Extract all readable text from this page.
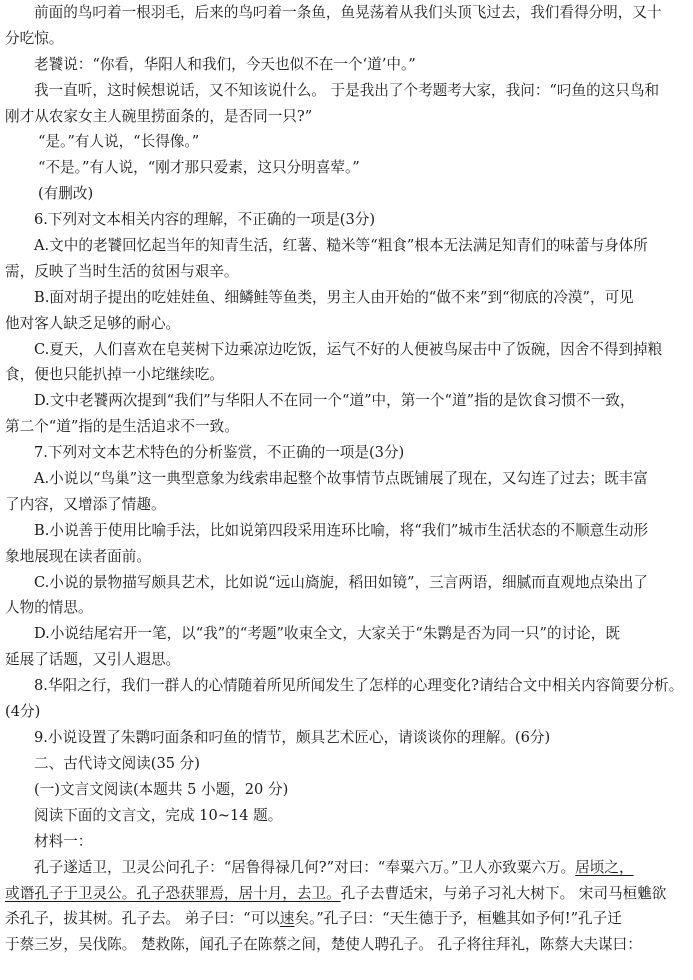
前面的鸟叼着一根羽毛，后来的鸟叼着一条鱼，鱼晃荡着从我们头顶飞过去，我们看得分明，又十
分吃惊。
老饕说：“你看，华阳人和我们，今天也似不在一个‘道’中。”
我一直听，这时候想说话，又不知该说什么。 于是我出了个考题考大家，我问：“叼鱼的这只鸟和
刚才从农家女主人碗里捞面条的，是否同一只?”
“是。”有人说，“长得像。”
“不是。”有人说，“刚才那只爱素，这只分明喜荤。”
(有删改)
6.下列对文本相关内容的理解，不正确的一项是(3分)
A.文中的老饕回忆起当年的知青生活，红薯、糙米等“粗食”根本无法满足知青们的味蕾与身体所
需，反映了当时生活的贫困与艰辛。
B.面对胡子提出的吃娃娃鱼、细鳞鲑等鱼类，男主人由开始的“做不来”到“彻底的冷漠”，可见
他对客人缺乏足够的耐心。
C.夏天，人们喜欢在皂荚树下边乘凉边吃饭，运气不好的人便被鸟屎击中了饭碗，因舍不得到掉粮
食，便也只能扒掉一小坨继续吃。
D.文中老饕两次提到“我们”与华阳人不在同一个“道”中，第一个“道”指的是饮食习惯不一致，
第二个“道”指的是生活追求不一致。
7.下列对文本艺术特色的分析鉴赏，不正确的一项是(3分)
A.小说以“鸟巢”这一典型意象为线索串起整个故事情节点既铺展了现在，又勾连了过去；既丰富
了内容，又增添了情趣。
B.小说善于使用比喻手法，比如说第四段采用连环比喻，将“我们”城市生活状态的不顺意生动形
象地展现在读者面前。
C.小说的景物描写颇具艺术，比如说“远山旖旎，稻田如镜”，三言两语，细腻而直观地点染出了
人物的情思。
D.小说结尾宕开一笔，以“我”的“考题”收束全文，大家关于“朱鹮是否为同一只”的讨论，既
延展了话题，又引人遐思。
8.华阳之行，我们一群人的心情随着所见所闻发生了怎样的心理变化?请结合文中相关内容简要分析。
(4分)
9.小说设置了朱鹮叼面条和叼鱼的情节，颇具艺术匠心，请谈谈你的理解。(6分)
二、古代诗文阅读(35 分)
(一)文言文阅读(本题共 5 小题，20 分)
阅读下面的文言文，完成 10~14 题。
材料一：
孔子遂适卫，卫灵公问孔子：“居鲁得禄几何?”对曰：“奉粟六万。”卫人亦致粟六万。居顷之，
或谮孔子于卫灵公。孔子恐获罪焉，居十月，去卫。孔子去曹适宋，与弟子习礼大树下。 宋司马桓魋欲
杀孔子，拔其树。孔子去。 弟子曰：“可以速矣。”孔子曰：“天生德于予，桓魋其如予何!”孔子迁
于蔡三岁，吴伐陈。 楚救陈，闻孔子在陈蔡之间，楚使人聘孔子。 孔子将往拜礼，陈蔡大夫谋曰：
